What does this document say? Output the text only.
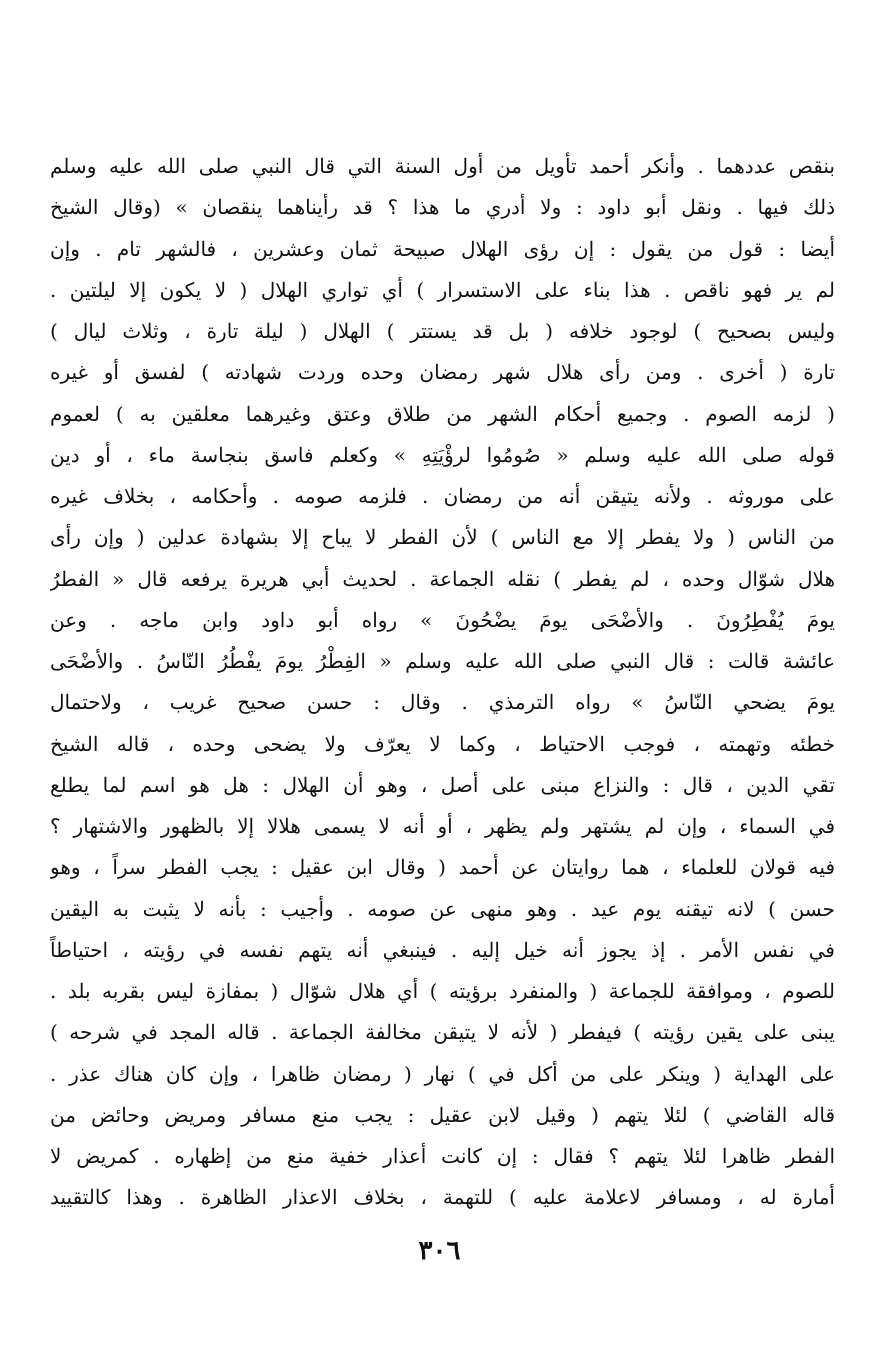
بنقص عددهما . وأنكر أحمد تأويل من أول السنة التي قال النبي صلى الله عليه وسلم
ذلك فيها . ونقل أبو داود : ولا أدري ما هذا ؟ قد رأيناهما ينقصان » (وقال الشيخ
أيضا : قول من يقول : إن رؤى الهلال صبيحة ثمان وعشرين ، فالشهر تام . وإن
لم ير فهو ناقص . هذا بناء على الاستسرار ) أي تواري الهلال ( لا يكون إلا ليلتين .
وليس بصحيح ) لوجود خلافه ( بل قد يستتر ) الهلال ( ليلة تارة ، وثلاث ليال )
تارة ( أخرى . ومن رأى هلال شهر رمضان وحده وردت شهادته ) لفسق أو غيره
( لزمه الصوم . وجميع أحكام الشهر من طلاق وعتق وغيرهما معلقين به ) لعموم
قوله صلى الله عليه وسلم « صُومُوا لرؤْيَتِهِ » وكعلم فاسق بنجاسة ماء ، أو دين
على موروثه . ولأنه يتيقن أنه من رمضان . فلزمه صومه . وأحكامه ، بخلاف غيره
من الناس ( ولا يفطر إلا مع الناس ) لأن الفطر لا يباح إلا بشهادة عدلين ( وإن رأى
هلال شوّال وحده ، لم يفطر ) نقله الجماعة . لحديث أبي هريرة يرفعه قال « الفطرُ
يومَ يُفْطِرُونَ . والأضْحَى يومَ يضْحُونَ » رواه أبو داود وابن ماجه . وعن
عائشة قالت : قال النبي صلى الله عليه وسلم « الفِطْرُ يومَ يفْطُرُ النّاسُ . والأضْحَى
يومَ يضحي النّاسُ » رواه الترمذي . وقال : حسن صحيح غريب ، ولاحتمال
خطئه وتهمته ، فوجب الاحتياط ، وكما لا يعرّف ولا يضحى وحده ، قاله الشيخ
تقي الدين ، قال : والنزاع مبنى على أصل ، وهو أن الهلال : هل هو اسم لما يطلع
في السماء ، وإن لم يشتهر ولم يظهر ، أو أنه لا يسمى هلالا إلا بالظهور والاشتهار ؟
فيه قولان للعلماء ، هما روايتان عن أحمد ( وقال ابن عقيل : يجب الفطر سراً ، وهو
حسن ) لانه تيقنه يوم عيد . وهو منهى عن صومه . وأجيب : بأنه لا يثبت به اليقين
في نفس الأمر . إذ يجوز أنه خيل إليه . فينبغي أنه يتهم نفسه في رؤيته ، احتياطاً
للصوم ، وموافقة للجماعة ( والمنفرد برؤيته ) أي هلال شوّال ( بمفازة ليس بقربه بلد .
يبنى على يقين رؤيته ) فيفطر ( لأنه لا يتيقن مخالفة الجماعة . قاله المجد في شرحه )
على الهداية ( وينكر على من أكل في ) نهار ( رمضان ظاهرا ، وإن كان هناك عذر .
قاله القاضي ) لئلا يتهم ( وقيل لابن عقيل : يجب منع مسافر ومريض وحائض من
الفطر ظاهرا لئلا يتهم ؟ فقال : إن كانت أعذار خفية منع من إظهاره . كمريض لا
أمارة له ، ومسافر لاعلامة عليه ) للتهمة ، بخلاف الاعذار الظاهرة . وهذا كالتقييد
٣٠٦
